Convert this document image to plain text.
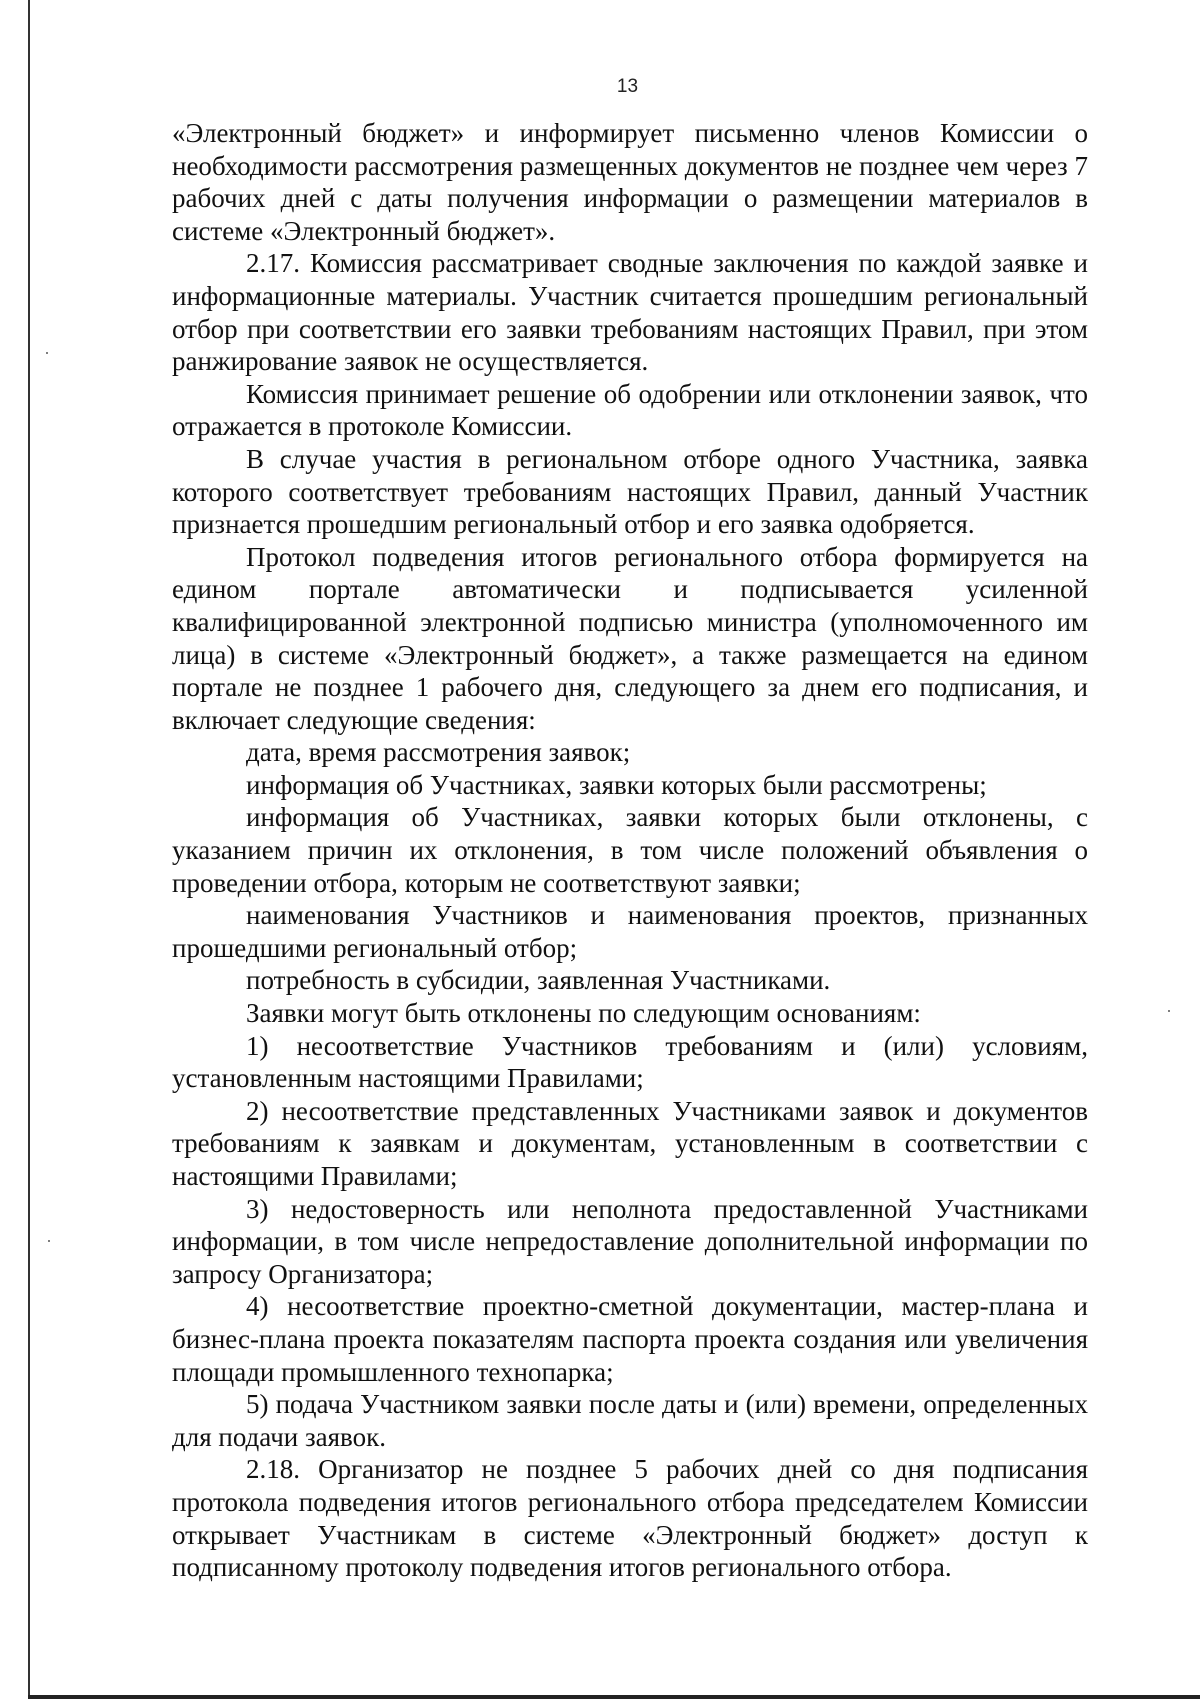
13

«Электронный бюджет» и информирует письменно членов Комиссии о необходимости рассмотрения размещенных документов не позднее чем через 7 рабочих дней с даты получения информации о размещении материалов в системе «Электронный бюджет».

2.17. Комиссия рассматривает сводные заключения по каждой заявке и информационные материалы. Участник считается прошедшим региональный отбор при соответствии его заявки требованиям настоящих Правил, при этом ранжирование заявок не осуществляется.

Комиссия принимает решение об одобрении или отклонении заявок, что отражается в протоколе Комиссии.

В случае участия в региональном отборе одного Участника, заявка которого соответствует требованиям настоящих Правил, данный Участник признается прошедшим региональный отбор и его заявка одобряется.

Протокол подведения итогов регионального отбора формируется на едином портале автоматически и подписывается усиленной квалифицированной электронной подписью министра (уполномоченного им лица) в системе «Электронный бюджет», а также размещается на едином портале не позднее 1 рабочего дня, следующего за днем его подписания, и включает следующие сведения:

дата, время рассмотрения заявок;

информация об Участниках, заявки которых были рассмотрены;

информация об Участниках, заявки которых были отклонены, с указанием причин их отклонения, в том числе положений объявления о проведении отбора, которым не соответствуют заявки;

наименования Участников и наименования проектов, признанных прошедшими региональный отбор;

потребность в субсидии, заявленная Участниками.

Заявки могут быть отклонены по следующим основаниям:

1) несоответствие Участников требованиям и (или) условиям, установленным настоящими Правилами;

2) несоответствие представленных Участниками заявок и документов требованиям к заявкам и документам, установленным в соответствии с настоящими Правилами;

3) недостоверность или неполнота предоставленной Участниками информации, в том числе непредоставление дополнительной информации по запросу Организатора;

4) несоответствие проектно-сметной документации, мастер-плана и бизнес-плана проекта показателям паспорта проекта создания или увеличения площади промышленного технопарка;

5) подача Участником заявки после даты и (или) времени, определенных для подачи заявок.

2.18. Организатор не позднее 5 рабочих дней со дня подписания протокола подведения итогов регионального отбора председателем Комиссии открывает Участникам в системе «Электронный бюджет» доступ к подписанному протоколу подведения итогов регионального отбора.
